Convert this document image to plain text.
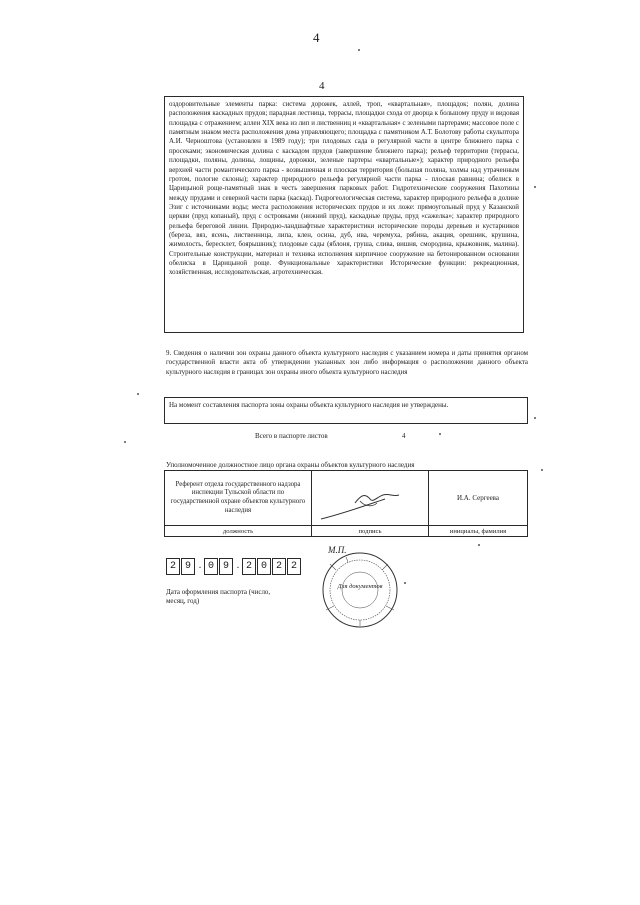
4
4
оздоровительные элементы парка: система дорожек, аллей, троп, «квартальная», площадок; полян, долина расположения каскадных прудов; парадная лестница, террасы, площадки схода от дворца к большому пруду и видовая площадка с отражением; аллеи XIX века из лип и лиственниц и «квартальная» с зелеными партерами; массовое поле с памятным знаком места расположения дома управляющего; площадка с памятником А.Т. Болотову работы скульптора А.И. Черноштова (установлен в 1989 году); три плодовых сада в регулярной части в центре ближнего парка с просеками; экономическая долина с каскадом прудов (завершение ближнего парка); рельеф территории (террасы, площадки, поляны, долины, лощины, дорожки, зеленые партеры «квартальные»); характер природного рельефа верхней части романтического парка - возвышенная и плоская территория (большая поляна, холмы над утраченным гротом, пологие склоны); характер природного рельефа регулярной части парка - плоская равнина; обелиск в Царицыной роще-памятный знак в честь завершения парковых работ. Гидротехнические сооружения Пахотины между прудами и северной части парка (каскад). Гидрогеологическая система, характер природного рельефа в долине Эзиг с источниками воды; места расположения исторических прудов и их ложе: прямоугольный пруд у Казанской церкви (пруд копаный), пруд с островками (нижний пруд), каскадные пруды, пруд «сажелка»; характер природного рельефа береговой линии. Природно-ландшафтные характеристики исторические породы деревьев и кустарников (береза, вяз, ясень, лиственница, липа, клен, осина, дуб, ива, черемуха, рябина, акация, орешник, крушина, жимолость, бересклет, боярышник); плодовые сады (яблоня, груша, слива, вишня, смородина, крыжовник, малина). Строительные конструкции, материал и техника исполнения кирпичное сооружение на бетонированном основании обелиска в Царицыной роще. Функциональные характеристики Исторические функции: рекреационная, хозяйственная, исследовательская, агротехническая.
9. Сведения о наличии зон охраны данного объекта культурного наследия с указанием номера и даты принятия органом государственной власти акта об утверждении указанных зон либо информация о расположении данного объекта культурного наследия в границах зон охраны иного объекта культурного наследия
На момент составления паспорта зоны охраны объекта культурного наследия не утверждены.
Всего в паспорте листов	4
Уполномоченное должностное лицо органа охраны объектов культурного наследия
Референт отдела государственного надзора инспекции Тульской области по государственной охране объектов культурного наследия		И.А. Сергеева
должность	подпись	инициалы, фамилия
2 9 . 0 9 . 2 0 2 2
Дата оформления паспорта (число, месяц, год)
М.П.
Для документов
